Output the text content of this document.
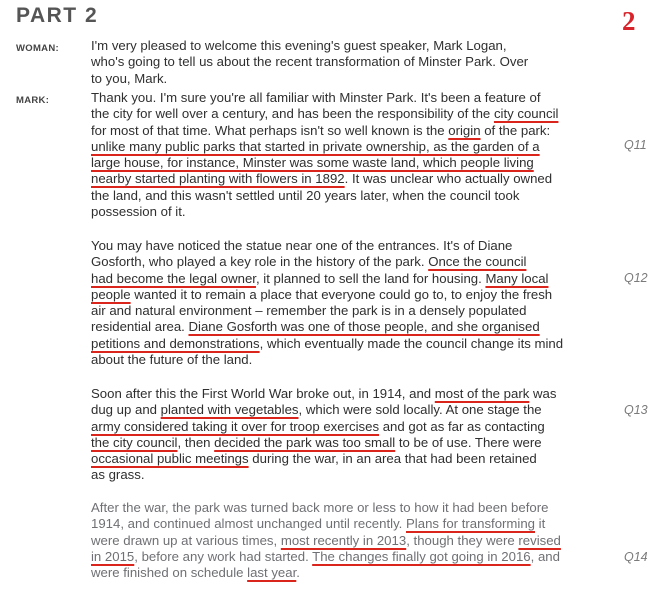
PART 2	2
WOMAN:
MARK:
I'm very pleased to welcome this evening's guest speaker, Mark Logan,
who's going to tell us about the recent transformation of Minster Park. Over
to you, Mark.
Thank you. I'm sure you're all familiar with Minster Park. It's been a feature of
the city for well over a century, and has been the responsibility of the city council
for most of that time. What perhaps isn't so well known is the origin of the park:
unlike many public parks that started in private ownership, as the garden of a
large house, for instance, Minster was some waste land, which people living
nearby started planting with flowers in 1892. It was unclear who actually owned
the land, and this wasn't settled until 20 years later, when the council took
possession of it.
You may have noticed the statue near one of the entrances. It's of Diane
Gosforth, who played a key role in the history of the park. Once the council
had become the legal owner, it planned to sell the land for housing. Many local
people wanted it to remain a place that everyone could go to, to enjoy the fresh
air and natural environment – remember the park is in a densely populated
residential area. Diane Gosforth was one of those people, and she organised
petitions and demonstrations, which eventually made the council change its mind
about the future of the land.
Soon after this the First World War broke out, in 1914, and most of the park was
dug up and planted with vegetables, which were sold locally. At one stage the
army considered taking it over for troop exercises and got as far as contacting
the city council, then decided the park was too small to be of use. There were
occasional public meetings during the war, in an area that had been retained
as grass.
After the war, the park was turned back more or less to how it had been before
1914, and continued almost unchanged until recently. Plans for transforming it
were drawn up at various times, most recently in 2013, though they were revised
in 2015, before any work had started. The changes finally got going in 2016, and
were finished on schedule last year.
Q11
Q12
Q13
Q14
